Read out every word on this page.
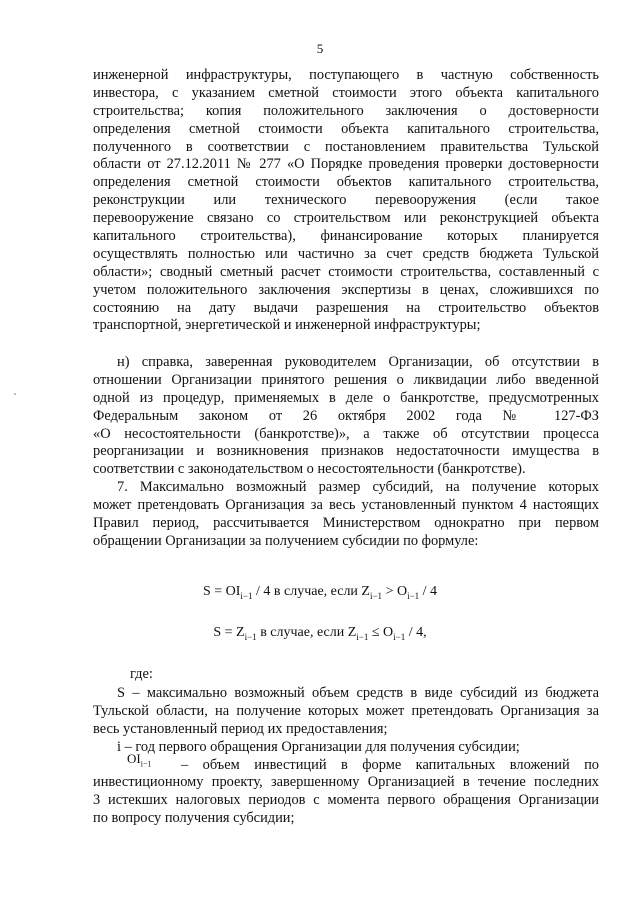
5
инженерной инфраструктуры, поступающего в частную собственность
инвестора, с указанием сметной стоимости этого объекта капитального
строительства; копия положительного заключения о достоверности
определения сметной стоимости объекта капитального строительства,
полученного в соответствии с постановлением правительства Тульской
области от 27.12.2011 № 277 «О Порядке проведения проверки достоверности
определения сметной стоимости объектов капитального строительства,
реконструкции или технического перевооружения (если такое
перевооружение связано со строительством или реконструкцией объекта
капитального строительства), финансирование которых планируется
осуществлять полностью или частично за счет средств бюджета Тульской
области»; сводный сметный расчет стоимости строительства, составленный с
учетом положительного заключения экспертизы в ценах, сложившихся по
состоянию на дату выдачи разрешения на строительство объектов
транспортной, энергетической и инженерной инфраструктуры;
н) справка, заверенная руководителем Организации, об отсутствии в
отношении Организации принятого решения о ликвидации либо введенной
одной из процедур, применяемых в деле о банкротстве, предусмотренных
Федеральным законом от 26 октября 2002 года № 127-ФЗ
«О несостоятельности (банкротстве)», а также об отсутствии процесса
реорганизации и возникновения признаков недостаточности имущества в
соответствии с законодательством о несостоятельности (банкротстве).
7. Максимально возможный размер субсидий, на получение которых
может претендовать Организация за весь установленный пунктом 4 настоящих
Правил период, рассчитывается Министерством однократно при первом
обращении Организации за получением субсидии по формуле:
$S = OI_{i-1} / 4$ в случае, если $Z_{i-1} > O_{i-1} / 4$
$S = Z_{i-1}$ в случае, если $Z_{i-1} \le O_{i-1} / 4$,
где:
S – максимально возможный объем средств в виде субсидий из бюджета
Тульской области, на получение которых может претендовать Организация за
весь установленный период их предоставления;
i – год первого обращения Организации для получения субсидии;
$OI_{i-1}$ – объем инвестиций в форме капитальных вложений по
инвестиционному проекту, завершенному Организацией в течение последних
3 истекших налоговых периодов с момента первого обращения Организации
по вопросу получения субсидии;
